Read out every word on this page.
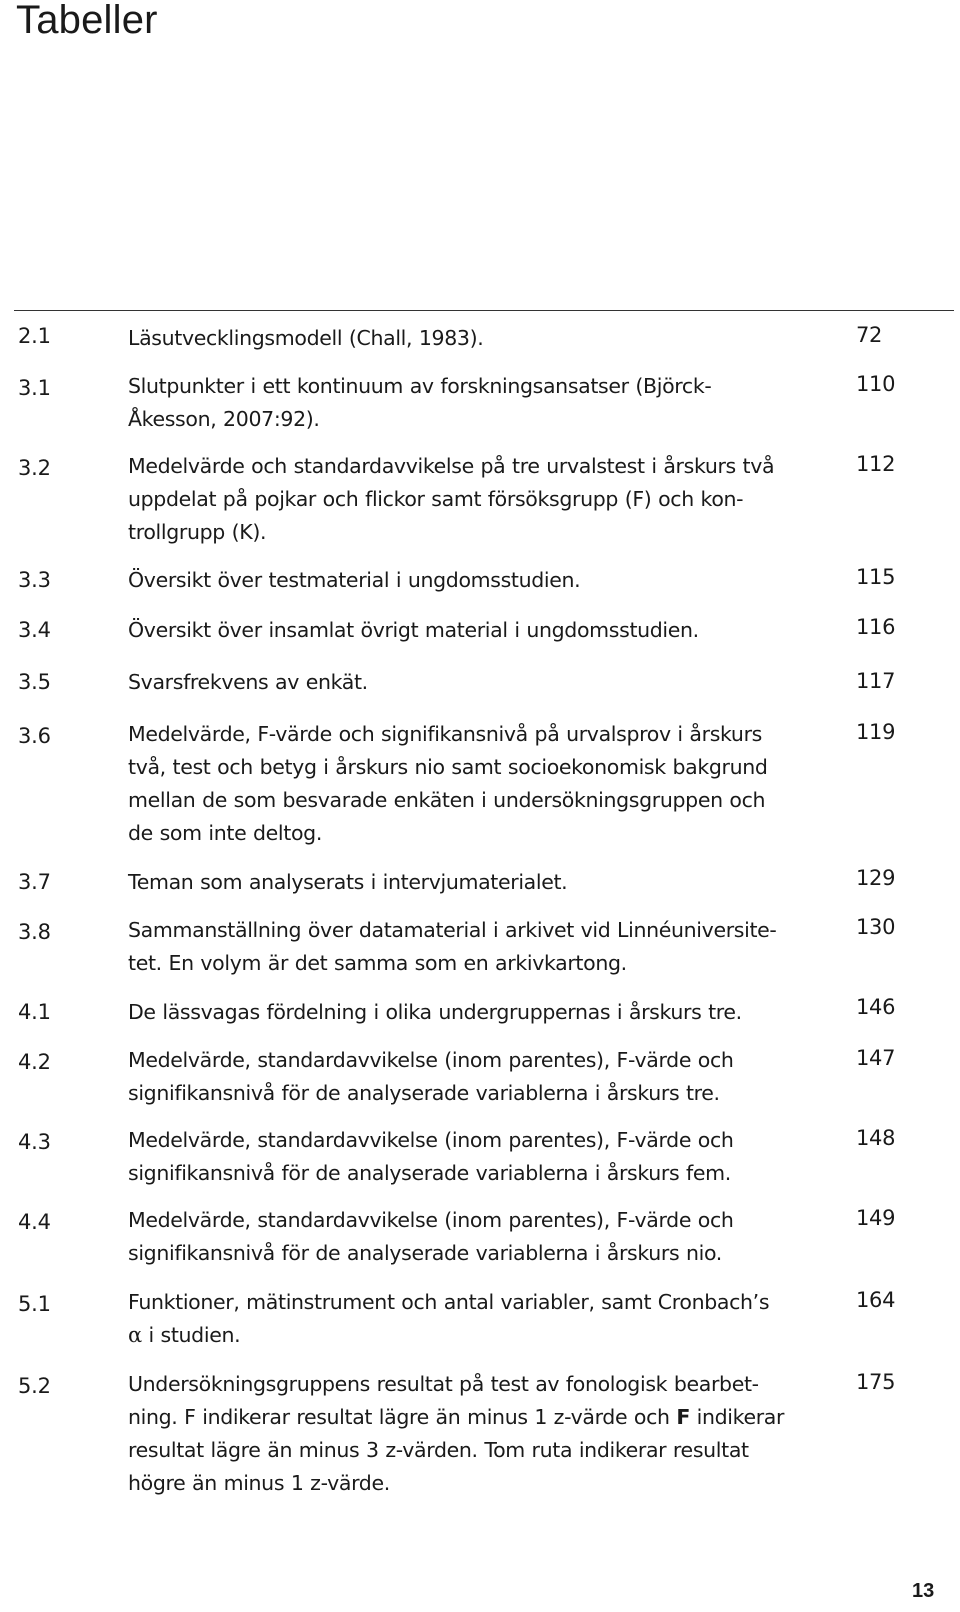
Tabeller
2.1	Läsutvecklingsmodell (Chall, 1983).	72
3.1	Slutpunkter i ett kontinuum av forskningsansatser (Björck-
Åkesson, 2007:92).
110
3.2	Medelvärde och standardavvikelse på tre urvalstest i årskurs två
uppdelat på pojkar och flickor samt försöksgrupp (F) och kon-
trollgrupp (K).
112
3.3	Översikt över testmaterial i ungdomsstudien.	115
3.4	Översikt över insamlat övrigt material i ungdomsstudien.	116
3.5	Svarsfrekvens av enkät.	117
3.6	Medelvärde, F-värde och signifikansnivå på urvalsprov i årskurs
två, test och betyg i årskurs nio samt socioekonomisk bakgrund
mellan de som besvarade enkäten i undersökningsgruppen och
de som inte deltog.
119
3.7	Teman som analyserats i intervjumaterialet.	129
3.8	Sammanställning över datamaterial i arkivet vid Linnéuniversite-
tet. En volym är det samma som en arkivkartong.
130
4.1	De lässvagas fördelning i olika undergruppernas i årskurs tre.	146
4.2	Medelvärde, standardavvikelse (inom parentes), F-värde och
signifikansnivå för de analyserade variablerna i årskurs tre.
147
4.3	Medelvärde, standardavvikelse (inom parentes), F-värde och
signifikansnivå för de analyserade variablerna i årskurs fem.
148
4.4	Medelvärde, standardavvikelse (inom parentes), F-värde och
signifikansnivå för de analyserade variablerna i årskurs nio.
149
5.1	Funktioner, mätinstrument och antal variabler, samt Cronbach’s
α i studien.
164
5.2	Undersökningsgruppens resultat på test av fonologisk bearbet-
ning. F indikerar resultat lägre än minus 1 z-värde och F indikerar
resultat lägre än minus 3 z-värden. Tom ruta indikerar resultat
högre än minus 1 z-värde.
175
13
